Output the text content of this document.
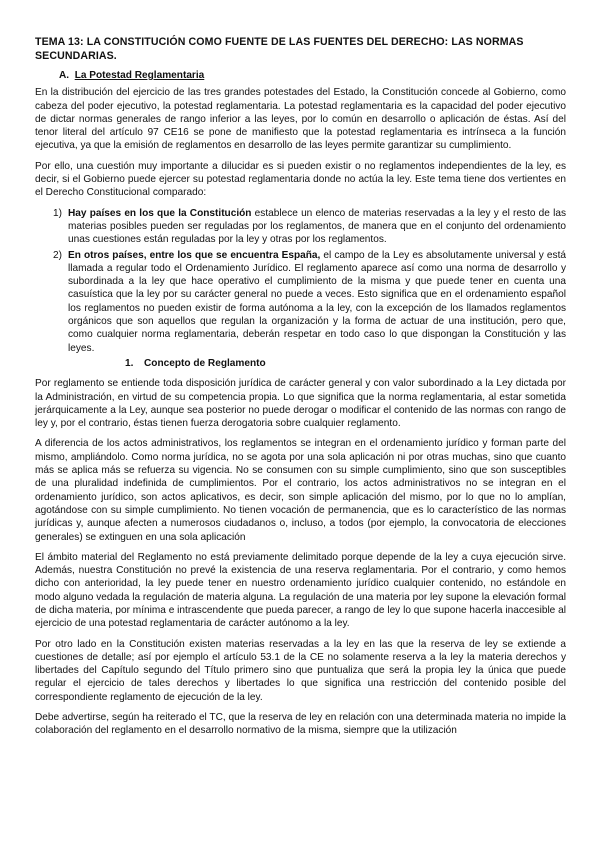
TEMA 13: LA CONSTITUCIÓN COMO FUENTE DE LAS FUENTES DEL DERECHO: LAS NORMAS SECUNDARIAS.
A. La Potestad Reglamentaria

En la distribución del ejercicio de las tres grandes potestades del Estado, la Constitución concede al Gobierno, como cabeza del poder ejecutivo, la potestad reglamentaria. La potestad reglamentaria es la capacidad del poder ejecutivo de dictar normas generales de rango inferior a las leyes, por lo común en desarrollo o aplicación de éstas. Así del tenor literal del artículo 97 CE16 se pone de manifiesto que la potestad reglamentaria es intrínseca a la función ejecutiva, ya que la emisión de reglamentos en desarrollo de las leyes permite garantizar su cumplimiento.

Por ello, una cuestión muy importante a dilucidar es si pueden existir o no reglamentos independientes de la ley, es decir, si el Gobierno puede ejercer su potestad reglamentaria donde no actúa la ley. Este tema tiene dos vertientes en el Derecho Constitucional comparado:

1) Hay países en los que la Constitución establece un elenco de materias reservadas a la ley y el resto de las materias posibles pueden ser reguladas por los reglamentos, de manera que en el conjunto del ordenamiento unas cuestiones están reguladas por la ley y otras por los reglamentos.
2) En otros países, entre los que se encuentra España, el campo de la Ley es absolutamente universal y está llamada a regular todo el Ordenamiento Jurídico. El reglamento aparece así como una norma de desarrollo y subordinada a la ley que hace operativo el cumplimiento de la misma y que puede tener en cuenta una casuística que la ley por su carácter general no puede a veces. Esto significa que en el ordenamiento español los reglamentos no pueden existir de forma autónoma a la ley, con la excepción de los llamados reglamentos orgánicos que son aquellos que regulan la organización y la forma de actuar de una institución, pero que, como cualquier norma reglamentaria, deberán respetar en todo caso lo que dispongan la Constitución y las leyes.
1. Concepto de Reglamento

Por reglamento se entiende toda disposición jurídica de carácter general y con valor subordinado a la Ley dictada por la Administración, en virtud de su competencia propia. Lo que significa que la norma reglamentaria, al estar sometida jerárquicamente a la Ley, aunque sea posterior no puede derogar o modificar el contenido de las normas con rango de ley y, por el contrario, éstas tienen fuerza derogatoria sobre cualquier reglamento.

A diferencia de los actos administrativos, los reglamentos se integran en el ordenamiento jurídico y forman parte del mismo, ampliándolo. Como norma jurídica, no se agota por una sola aplicación ni por otras muchas, sino que cuanto más se aplica más se refuerza su vigencia. No se consumen con su simple cumplimiento, sino que son susceptibles de una pluralidad indefinida de cumplimientos. Por el contrario, los actos administrativos no se integran en el ordenamiento jurídico, son actos aplicativos, es decir, son simple aplicación del mismo, por lo que no lo amplían, agotándose con su simple cumplimiento. No tienen vocación de permanencia, que es lo característico de las normas jurídicas y, aunque afecten a numerosos ciudadanos o, incluso, a todos (por ejemplo, la convocatoria de elecciones generales) se extinguen en una sola aplicación

El ámbito material del Reglamento no está previamente delimitado porque depende de la ley a cuya ejecución sirve. Además, nuestra Constitución no prevé la existencia de una reserva reglamentaria. Por el contrario, y como hemos dicho con anterioridad, la ley puede tener en nuestro ordenamiento jurídico cualquier contenido, no estándole en modo alguno vedada la regulación de materia alguna. La regulación de una materia por ley supone la elevación formal de dicha materia, por mínima e intrascendente que pueda parecer, a rango de ley lo que supone hacerla inaccesible al ejercicio de una potestad reglamentaria de carácter autónomo a la ley.

Por otro lado en la Constitución existen materias reservadas a la ley en las que la reserva de ley se extiende a cuestiones de detalle; así por ejemplo el artículo 53.1 de la CE no solamente reserva a la ley la materia derechos y libertades del Capítulo segundo del Título primero sino que puntualiza que será la propia ley la única que puede regular el ejercicio de tales derechos y libertades lo que significa una restricción del contenido posible del correspondiente reglamento de ejecución de la ley.

Debe advertirse, según ha reiterado el TC, que la reserva de ley en relación con una determinada materia no impide la colaboración del reglamento en el desarrollo normativo de la misma, siempre que la utilización
